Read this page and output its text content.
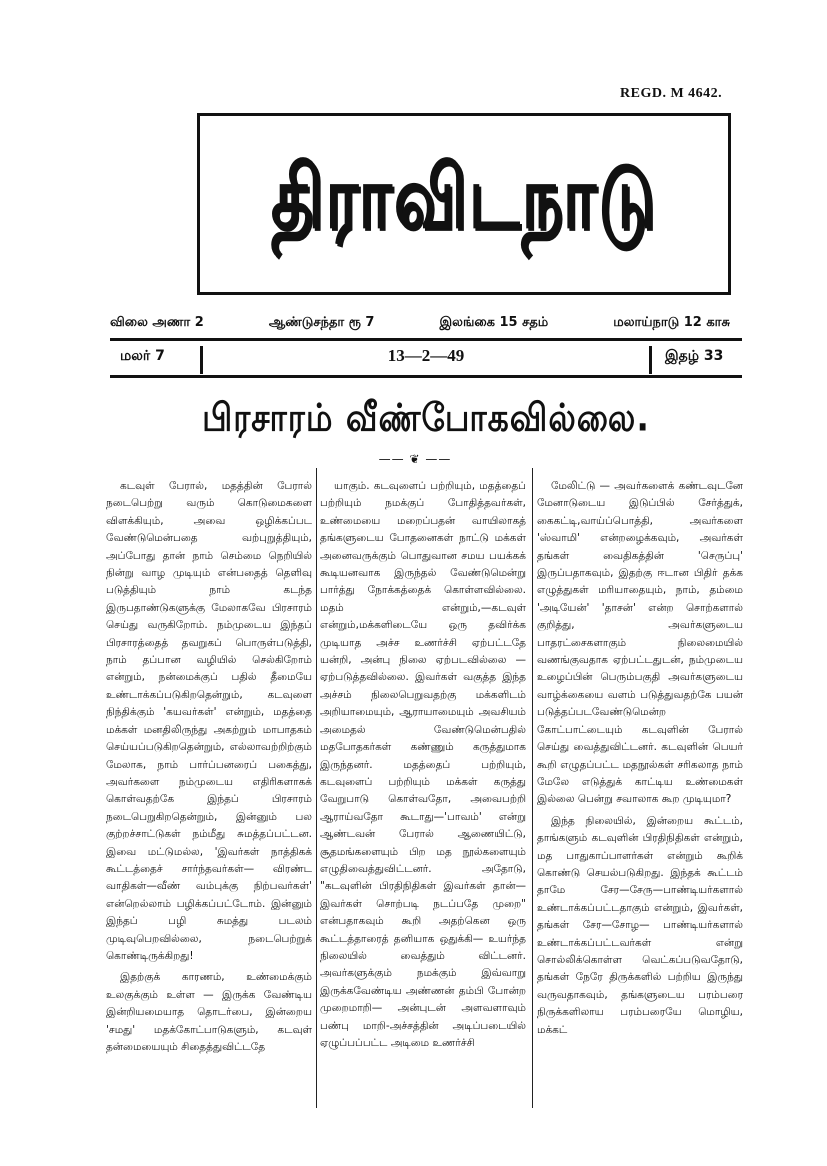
REGD. M 4642.
திராவிடநாடு
விலை அணா 2	ஆண்டுசந்தா ரூ 7	இலங்கை 15 சதம்	மலாய்நாடு 12 காசு
மலர் 7	13—2—49	இதழ் 33
பிரசாரம் வீண்போகவில்லை.
—— ❦ ——

கடவுள் பேரால், மதத்தின் பேரால் நடைபெற்று வரும் கொடுமைகளை விளக்கியும், அவை ஒழிக்கப்பட வேண்டுமென்பதை வற்புறுத்தியும், அப்போது தான் நாம் செம்மை நெறியில் நின்று வாழ முடியும் என்பதைத் தெளிவு படுத்தியும் நாம் கடந்த இருபதாண்டுகளுக்கு மேலாகவே பிரசாரம் செய்து வருகிறோம். நம்முடைய இந்தப் பிரசாரத்தைத் தவறுகப் பொருள்படுத்தி, நாம் தப்பான வழியில் செல்கிறோம் என்றும், நன்மைக்குப் பதில் தீமையே உண்டாக்கப்படுகிறதென்றும், கடவுளை நிந்திக்கும் 'கயவர்கள்' என்றும், மதத்தை மக்கள் மனதிலிருந்து அகற்றும் மாபாதகம் செய்யப்படுகிறதென்றும், எல்லாவற்றிற்கும் மேலாக, நாம் பார்ப்பனரைப் பகைத்து, அவர்களை நம்முடைய எதிரிகளாகக் கொள்வதற்கே இந்தப் பிரசாரம் நடைபெறுகிறதென்றும், இன்னும் பல குற்றச்சாட்டுகள் நம்மீது சுமத்தப்பட்டன. இவை மட்டுமல்ல, 'இவர்கள் நாத்திகக் கூட்டத்தைச் சார்ந்தவர்கள்— விரண்ட வாதிகள்—வீண் வம்புக்கு நிற்பவர்கள்' என்றெல்லாம் பழிக்கப்பட்டோம். இன்னும் இந்தப் பழி சுமத்து படலம் முடிவுபெறவில்லை, நடைபெற்றுக் கொண்டிருக்கிறது!

இதற்குக் காரணம், உண்மைக்கும் உலகுக்கும் உள்ள — இருக்க வேண்டிய இன்றியமையாத தொடர்பை, இன்றைய 'சமது' மதக்கோட்பாடுகளும், கடவுள் தன்மையையும் சிதைத்துவிட்டதே

யாகும். கடவுளைப் பற்றியும், மதத்தைப் பற்றியும் நமக்குப் போதித்தவர்கள், உண்மையை மறைப்பதன் வாயிலாகத் தங்களுடைய போதனைகள் நாட்டு மக்கள் அனைவருக்கும் பொதுவான சமய பயக்கக் கூடியனவாக இருந்தல் வேண்டுமென்று பார்த்து நோக்கத்தைக் கொள்ளவில்லை. மதம் என்றும்,—கடவுள் என்றும்,மக்களிடையே ஒரு தவிர்க்க முடியாத அச்ச உணர்ச்சி ஏற்பட்டதே யன்றி, அன்பு நிலை ஏற்படவில்லை — ஏற்படுத்தவில்லை. இவர்கள் வகுத்த இந்த அச்சம் நிலைபெறுவதற்கு மக்களிடம் அறியாமையும், ஆராயாமையும் அவசியம் அமைதல் வேண்டுமென்பதில் மதபோதகர்கள் கண்ணும் கருத்துமாக இருந்தனர். மதத்தைப் பற்றியும், கடவுளைப் பற்றியும் மக்கள் கருத்து வேறுபாடு கொள்வதோ, அவைபற்றி ஆராய்வதோ கூடாது—'பாவம்' என்று ஆண்டவன் பேரால் ஆணையிட்டு, சூதமங்களையும் பிற மத நூல்களையும் எழுதிவைத்துவிட்டனர். அதோடு, "கடவுளின் பிரதிநிதிகள் இவர்கள் தான்—இவர்கள் சொற்படி நடப்பதே முறை" என்பதாகவும் கூறி அதற்கென ஒரு கூட்டத்தாரைத் தனியாக ஒதுக்கி— உயர்ந்த நிலையில் வைத்தும் விட்டனர். அவர்களுக்கும் நமக்கும் இவ்வாறு இருக்கவேண்டிய அண்ணன் தம்பி போன்ற முறைமாறி— அன்புடன் அளவளாவும் பண்பு மாறி-அச்சத்தின் அடிப்படையில் ஏழுப்பப்பட்ட அடிமை உணர்ச்சி

மேலிட்டு — அவர்களைக் கண்டவுடனே மேனாடுடைய இடுப்பில் சேர்த்துக், கைகட்டி,வாய்ப்பொத்தி, அவர்களை 'ஸ்வாமி' என்றழைக்கவும், அவர்கள் தங்கள் வைதிகத்தின் 'செருப்பு' இருப்பதாகவும், இதற்கு ஈடான பிதிர் தக்க எழுத்துகள் மரியாதையும், நாம், தம்மை 'அடியேன்' 'தாசன்' என்ற சொற்களால் குறித்து, அவர்களுடைய பாதரட்சைகளாகும் நிலைமையில் வணங்குவதாக ஏற்பட்டதுடன், நம்முடைய உழைப்பின் பெரும்பகுதி அவர்களுடைய வாழ்க்கையை வளம் படுத்துவதற்கே பயன் படுத்தப்படவேண்டுமென்ற கோட்பாட்டையும் கடவுளின் பேரால் செய்து வைத்துவிட்டனர். கடவுளின் பெயர் கூறி எழுதப்பட்ட மதநூல்கள் சரிகலாத நாம் மேலே எடுத்துக் காட்டிய உண்மைகள் இல்லை பென்று சவாலாக கூற முடியுமா?

இந்த நிலையில், இன்றைய கூட்டம், தாங்களும் கடவுளின் பிரதிநிதிகள் என்றும், மத பாதுகாப்பாளர்கள் என்றும் கூறிக் கொண்டு செயல்படுகிறது. இந்தக் கூட்டம் தாமே சேர—சேரு—பாண்டியர்களால் உண்டாக்கப்பட்டதாகும் என்றும், இவர்கள், தங்கள் சேர—சோழ— பாண்டியர்களால் உண்டாக்கப்பட்டவர்கள் என்று சொல்லிக்கொள்ள வெட்கப்படுவதோடு, தங்கள் நேரே திருக்களில் பற்றிய இருந்து வருவதாகவும், தங்களுடைய பரம்பரை நிருக்களிலாய பரம்பரையே மொழிய, மக்கட்
